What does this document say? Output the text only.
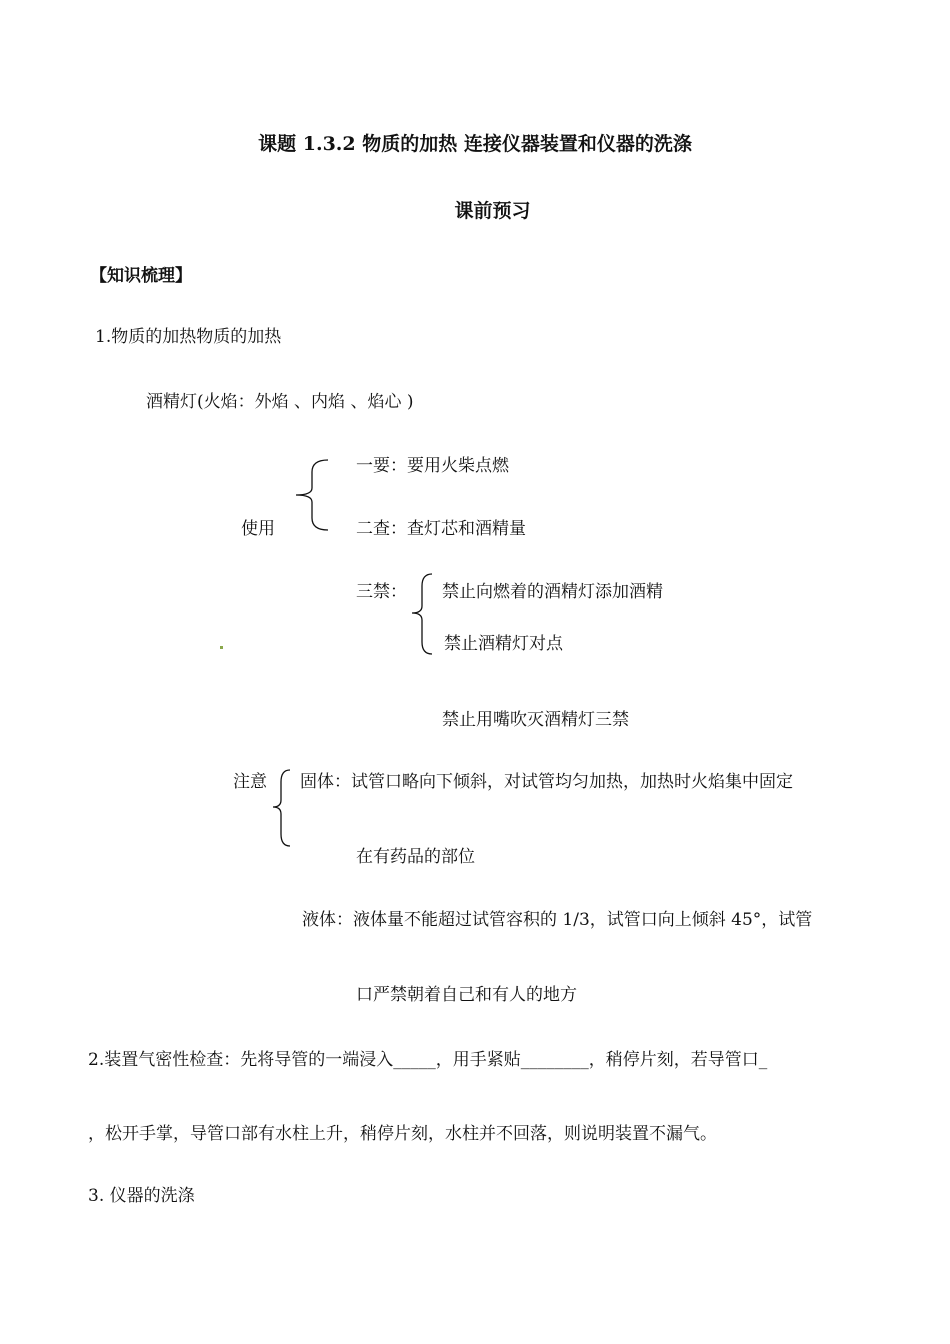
课题 1.3.2 物质的加热 连接仪器装置和仪器的洗涤
课前预习
【知识梳理】
1.物质的加热物质的加热
酒精灯(火焰：外焰 、内焰 、焰心 )
使用
一要：要用火柴点燃
二查：查灯芯和酒精量
三禁： 禁止向燃着的酒精灯添加酒精
禁止酒精灯对点
禁止用嘴吹灭酒精灯三禁
注意 固体：试管口略向下倾斜，对试管均匀加热，加热时火焰集中固定
在有药品的部位
液体：液体量不能超过试管容积的 1/3，试管口向上倾斜 45°，试管
口严禁朝着自己和有人的地方
2.装置气密性检查：先将导管的一端浸入_____，用手紧贴________，稍停片刻，若导管口_
，松开手掌，导管口部有水柱上升，稍停片刻，水柱并不回落，则说明装置不漏气。
3. 仪器的洗涤
